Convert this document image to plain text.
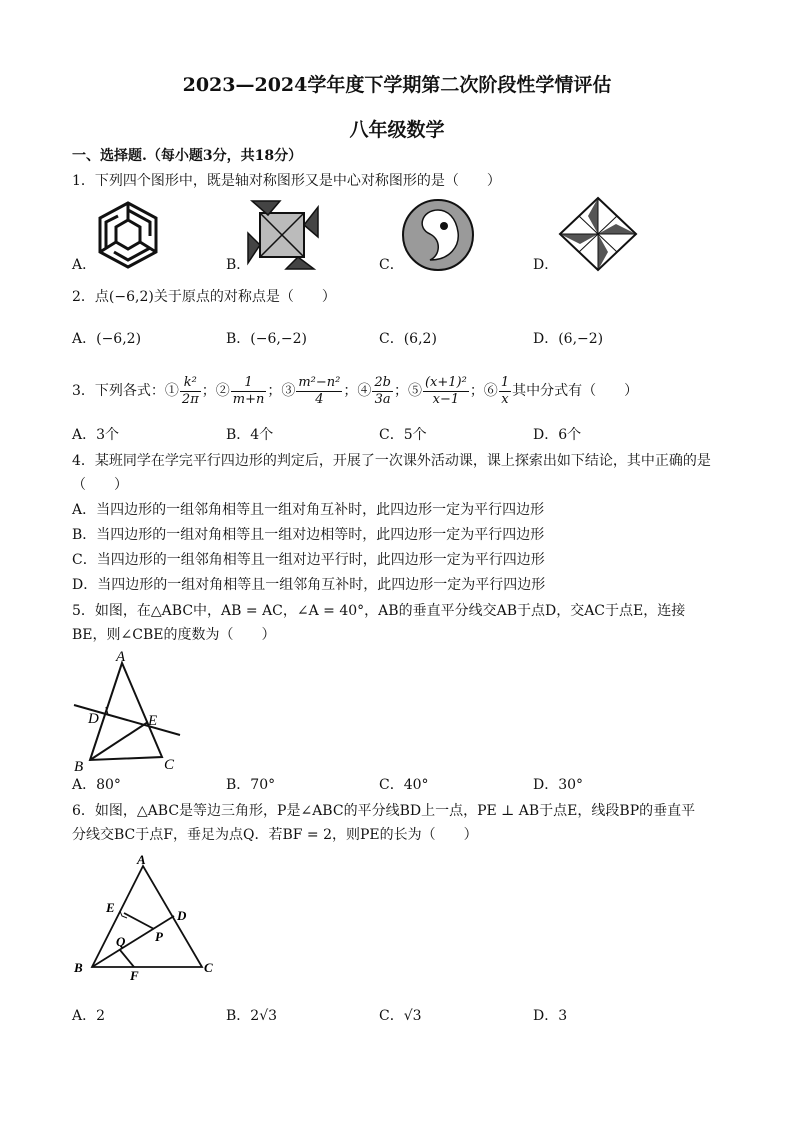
2023—2024学年度下学期第二次阶段性学情评估
八年级数学
一、选择题.（每小题3分，共18分）
1．下列四个图形中，既是轴对称图形又是中心对称图形的是（　　）
A．	B．	C．	D．
2．点(−6,2)关于原点的对称点是（　　）
A．(−6,2)	B．(−6,−2)	C．(6,2)	D．(6,−2)
3．下列各式：① $\frac{\text{k²}}{2\pi}$ ；② $\frac{1}{m+n}$ ；③ $\frac{\text{m²−n²}}{4}$ ；④ $\frac{2b}{3a}$ ；⑤ $\frac{\text{(x+1)²}}{x-1}$ ；⑥ $\frac{1}{x}$ 其中分式有（　　）
A．3个	B．4个	C．5个	D．6个
4．某班同学在学完平行四边形的判定后，开展了一次课外活动课，课上探索出如下结论，其中正确的是
（　　）
A．当四边形的一组邻角相等且一组对角互补时，此四边形一定为平行四边形
B．当四边形的一组对角相等且一组对边相等时，此四边形一定为平行四边形
C．当四边形的一组邻角相等且一组对边平行时，此四边形一定为平行四边形
D．当四边形的一组对角相等且一组邻角互补时，此四边形一定为平行四边形
5．如图，在△ABC中，AB = AC，∠A = 40°，AB的垂直平分线交AB于点D，交AC于点E，连接
BE，则∠CBE的度数为（　　）
A
B	C
D	E
A．80°	B．70°	C．40°	D．30°
6．如图，△ABC是等边三角形，P是∠ABC的平分线BD上一点，PE ⊥ AB于点E，线段BP的垂直平
分线交BC于点F，垂足为点Q．若BF = 2，则PE的长为（　　）
A
B	C
D
E
F
P
Q
A．2	B．2√3	C．√3	D．3
